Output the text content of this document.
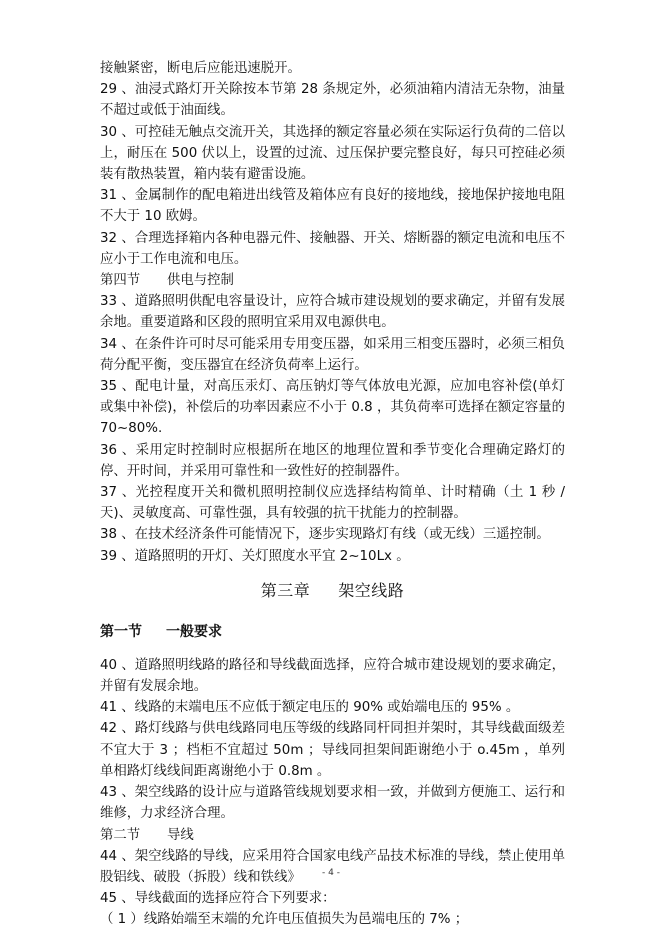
接触紧密，断电后应能迅速脱开。

29 、油浸式路灯开关除按本节第 28 条规定外，必须油箱内清洁无杂物，油量不超过或低于油面线。

30 、可控硅无触点交流开关，其选择的额定容量必须在实际运行负荷的二倍以上，耐压在 500 伏以上，设置的过流、过压保护要完整良好，每只可控硅必须装有散热装置，箱内装有避雷设施。

31 、金属制作的配电箱进出线管及箱体应有良好的接地线，接地保护接地电阻不大于 10 欧姆。

32 、合理选择箱内各种电器元件、接触器、开关、熔断器的额定电流和电压不应小于工作电流和电压。

第四节　　供电与控制

33 、道路照明供配电容量设计，应符合城市建设规划的要求确定，并留有发展余地。重要道路和区段的照明宜采用双电源供电。

34 、在条件许可时尽可能采用专用变压器，如采用三相变压器时，必须三相负荷分配平衡，变压器宜在经济负荷率上运行。

35 、配电计量，对高压汞灯、高压钠灯等气体放电光源，应加电容补偿(单灯或集中补偿)，补偿后的功率因素应不小于 0.8 ，其负荷率可选择在额定容量的 70~80%.

36 、采用定时控制时应根据所在地区的地理位置和季节变化合理确定路灯的停、开时间，并采用可靠性和一致性好的控制器件。

37 、光控程度开关和微机照明控制仪应选择结构简单、计时精确（土 1 秒 / 天)、灵敏度高、可靠性强，具有较强的抗干扰能力的控制器。

38 、在技术经济条件可能情况下，逐步实现路灯有线（或无线）三遥控制。

39 、道路照明的开灯、关灯照度水平宜 2~10Lx 。

第三章 架空线路
第一节 一般要求

40 、道路照明线路的路径和导线截面选择，应符合城市建设规划的要求确定，并留有发展余地。

41 、线路的末端电压不应低于额定电压的 90% 或始端电压的 95% 。

42 、路灯线路与供电线路同电压等级的线路同杆同担并架时，其导线截面级差不宜大于 3 ；档柜不宜超过 50m ；导线同担架间距谢绝小于 o.45m ，单列单相路灯线线间距离谢绝小于 0.8m 。

43 、架空线路的设计应与道路管线规划要求相一致，并做到方便施工、运行和维修，力求经济合理。

第二节　　导线

44 、架空线路的导线，应采用符合国家电线产品技术标准的导线，禁止使用单股铝线、破股（拆股）线和铁线》

45 、导线截面的选择应符合下列要求：

（ 1 ）线路始端至末端的允许电压值损失为邑端电压的 7% ；

- 4 -
